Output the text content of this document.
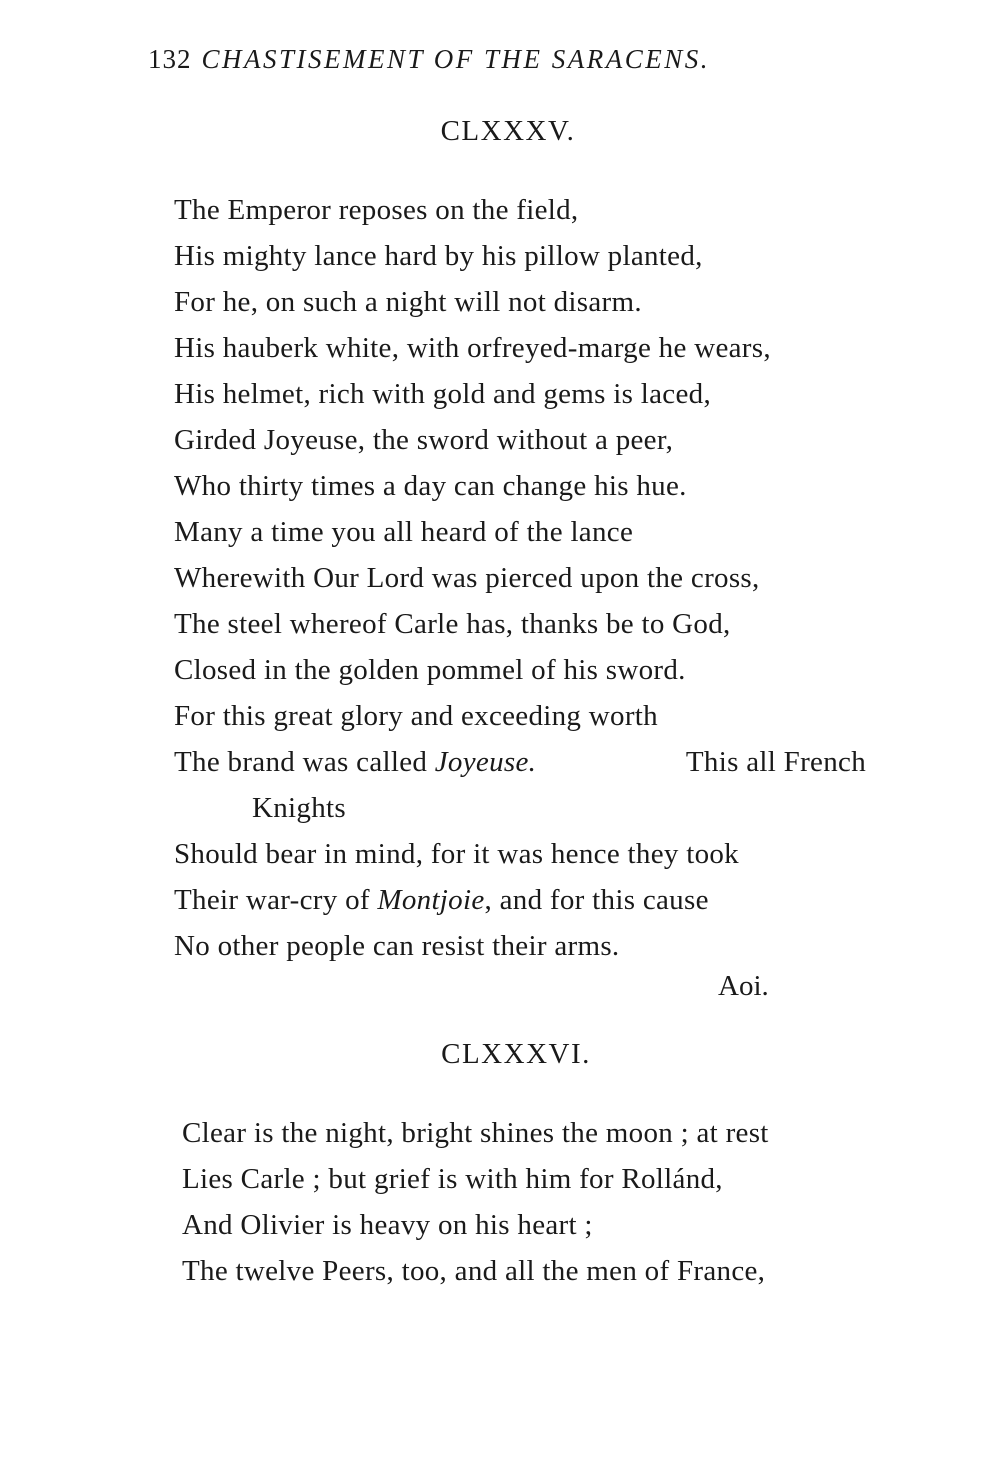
132 CHASTISEMENT OF THE SARACENS.
CLXXXV.
The Emperor reposes on the field,
His mighty lance hard by his pillow planted,
For he, on such a night will not disarm.
His hauberk white, with orfreyed-marge he wears,
His helmet, rich with gold and gems is laced,
Girded Joyeuse, the sword without a peer,
Who thirty times a day can change his hue.
Many a time you all heard of the lance
Wherewith Our Lord was pierced upon the cross,
The steel whereof Carle has, thanks be to God,
Closed in the golden pommel of his sword.
For this great glory and exceeding worth
The brand was called Joyeuse.	This all French
Knights
Should bear in mind, for it was hence they took
Their war-cry of Montjoie, and for this cause
No other people can resist their arms.
Aoi.
CLXXXVI.
Clear is the night, bright shines the moon ; at rest
Lies Carle ; but grief is with him for Rollánd,
And Olivier is heavy on his heart ;
The twelve Peers, too, and all the men of France,
